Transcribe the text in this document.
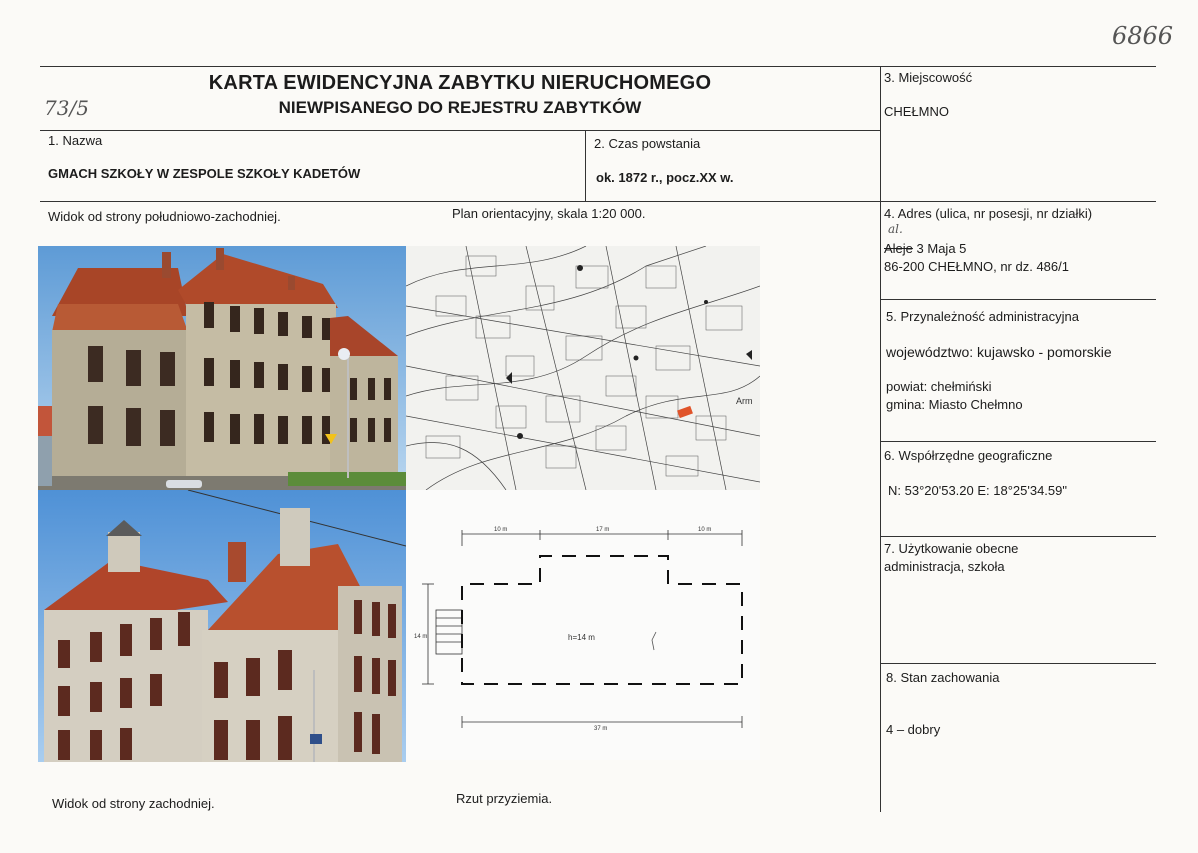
6866
73/5
KARTA EWIDENCYJNA ZABYTKU NIERUCHOMEGO
NIEWPISANEGO DO REJESTRU ZABYTKÓW
1. Nazwa
GMACH SZKOŁY W ZESPOLE SZKOŁY KADETÓW
2. Czas powstania
ok. 1872 r., pocz.XX w.
3. Miejscowość
CHEŁMNO
4. Adres (ulica, nr posesji, nr działki)
al.
Aleje 3 Maja 5
86-200 CHEŁMNO, nr dz. 486/1
5. Przynależność administracyjna
województwo: kujawsko - pomorskie
powiat: chełmiński
gmina: Miasto Chełmno
6. Współrzędne geograficzne
N: 53°20'53.20 E: 18°25'34.59"
7. Użytkowanie obecne
administracja, szkoła
8. Stan zachowania
4 – dobry
Widok od strony południowo-zachodniej.	Plan orientacyjny, skala 1:20 000.
Widok od strony zachodniej.	Rzut przyziemia.
Arm
h=14 m
10 m	17 m	10 m
14 m
37 m
